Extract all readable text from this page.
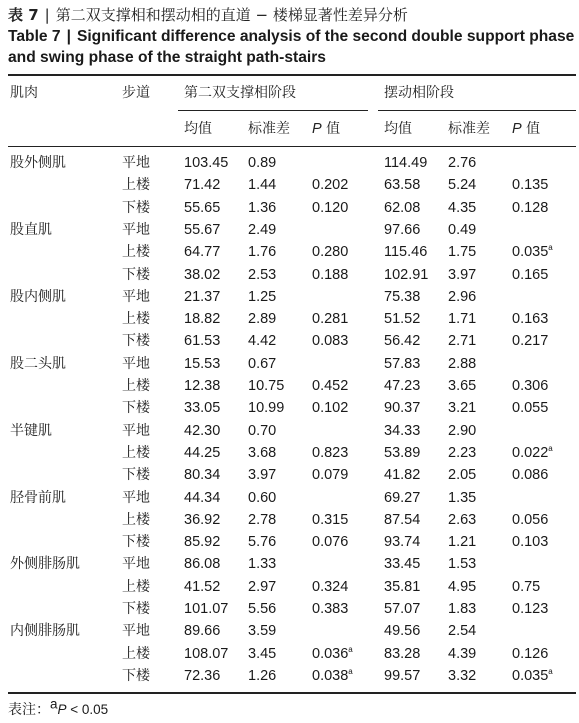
表 7 | 第二双支撑相和摆动相的直道 − 楼梯显著性差异分析
Table 7 | Significant difference analysis of the second double support phase and swing phase of the straight path-stairs
肌肉	步道 第二双支撑相阶段	摆动相阶段
均值	标准差 P 值	均值	标准差 P 值
股外侧肌	平地 103.45 0.89	114.49 2.76
上楼 71.42 1.44 0.202 63.58 5.24 0.135
下楼 55.65 1.36 0.120 62.08 4.35 0.128
股直肌	平地 55.67 2.49	97.66 0.49
上楼 64.77 1.76 0.280 115.46 1.75 0.035$^a$
下楼 38.02 2.53 0.188 102.91 3.97 0.165
股内侧肌	平地 21.37 1.25	75.38 2.96
上楼 18.82 2.89 0.281 51.52 1.71 0.163
下楼 61.53 4.42 0.083 56.42 2.71 0.217
股二头肌	平地 15.53 0.67	57.83 2.88
上楼 12.38 10.75 0.452 47.23 3.65 0.306
下楼 33.05 10.99 0.102 90.37 3.21 0.055
半键肌	平地 42.30 0.70	34.33 2.90
上楼 44.25 3.68 0.823 53.89 2.23 0.022$^a$
下楼 80.34 3.97 0.079 41.82 2.05 0.086
胫骨前肌	平地 44.34 0.60	69.27 1.35
上楼 36.92 2.78 0.315 87.54 2.63 0.056
下楼 85.92 5.76 0.076 93.74 1.21 0.103
外侧腓肠肌	平地 86.08 1.33	33.45 1.53
上楼 41.52 2.97 0.324 35.81 4.95 0.75
下楼 101.07 5.56 0.383 57.07 1.83 0.123
内侧腓肠肌	平地 89.66 3.59	49.56 2.54
上楼 108.07 3.45 0.036$^a$ 83.28 4.39 0.126
下楼 72.36 1.26 0.038$^a$ 99.57 3.32 0.035$^a$
表注：aP < 0.05
